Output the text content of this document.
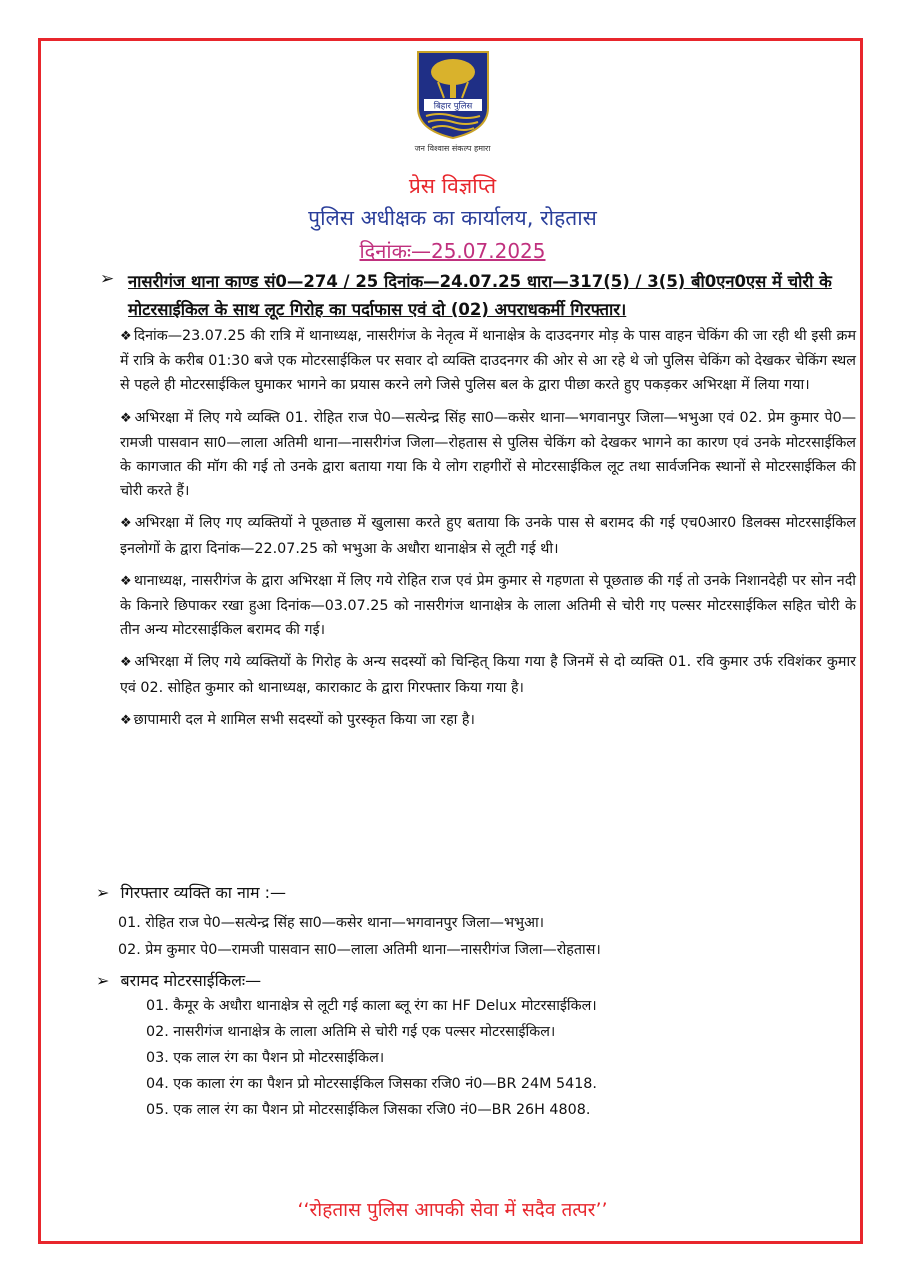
बिहार पुलिस
जन विश्वास संकल्प हमारा
प्रेस विज्ञप्ति
पुलिस अधीक्षक का कार्यालय, रोहतास
दिनांकः—25.07.2025
➢ नासरीगंज थाना काण्ड सं0—274 / 25 दिनांक—24.07.25 धारा—317(5) / 3(5) बी0एन0एस में चोरी के मोटरसाईकिल के साथ लूट गिरोह का पर्दाफास एवं दो (02) अपराधकर्मी गिरफ्तार।

❖ दिनांक—23.07.25 की रात्रि में थानाध्यक्ष, नासरीगंज के नेतृत्व में थानाक्षेत्र के दाउदनगर मोड़ के पास वाहन चेकिंग की जा रही थी इसी क्रम में रात्रि के करीब 01:30 बजे एक मोटरसाईकिल पर सवार दो व्यक्ति दाउदनगर की ओर से आ रहे थे जो पुलिस चेकिंग को देखकर चेकिंग स्थल से पहले ही मोटरसाईकिल घुमाकर भागने का प्रयास करने लगे जिसे पुलिस बल के द्वारा पीछा करते हुए पकड़कर अभिरक्षा में लिया गया।

❖ अभिरक्षा में लिए गये व्यक्ति 01. रोहित राज पे0—सत्येन्द्र सिंह सा0—कसेर थाना—भगवानपुर जिला—भभुआ एवं 02. प्रेम कुमार पे0—रामजी पासवान सा0—लाला अतिमी थाना—नासरीगंज जिला—रोहतास से पुलिस चेकिंग को देखकर भागने का कारण एवं उनके मोटरसाईकिल के कागजात की मॉग की गई तो उनके द्वारा बताया गया कि ये लोग राहगीरों से मोटरसाईकिल लूट तथा सार्वजनिक स्थानों से मोटरसाईकिल की चोरी करते हैं।

❖ अभिरक्षा में लिए गए व्यक्तियों ने पूछताछ में खुलासा करते हुए बताया कि उनके पास से बरामद की गई एच0आर0 डिलक्स मोटरसाईकिल इनलोगों के द्वारा दिनांक—22.07.25 को भभुआ के अधौरा थानाक्षेत्र से लूटी गई थी।

❖ थानाध्यक्ष, नासरीगंज के द्वारा अभिरक्षा में लिए गये रोहित राज एवं प्रेम कुमार से गहणता से पूछताछ की गई तो उनके निशानदेही पर सोन नदी के किनारे छिपाकर रखा हुआ दिनांक—03.07.25 को नासरीगंज थानाक्षेत्र के लाला अतिमी से चोरी गए पल्सर मोटरसाईकिल सहित चोरी के तीन अन्य मोटरसाईकिल बरामद की गई।

❖ अभिरक्षा में लिए गये व्यक्तियों के गिरोह के अन्य सदस्यों को चिन्हित् किया गया है जिनमें से दो व्यक्ति 01. रवि कुमार उर्फ रविशंकर कुमार एवं 02. सोहित कुमार को थानाध्यक्ष, काराकाट के द्वारा गिरफ्तार किया गया है।

❖ छापामारी दल मे शामिल सभी सदस्यों को पुरस्कृत किया जा रहा है।

➢  गिरफ्तार व्यक्ति का नाम :—
01. रोहित राज पे0—सत्येन्द्र सिंह सा0—कसेर थाना—भगवानपुर जिला—भभुआ।
02. प्रेम कुमार पे0—रामजी पासवान सा0—लाला अतिमी थाना—नासरीगंज जिला—रोहतास।
➢  बरामद मोटरसाईकिलः—
01. कैमूर के अधौरा थानाक्षेत्र से लूटी गई काला ब्लू रंग का HF Delux मोटरसाईकिल।
02. नासरीगंज थानाक्षेत्र के लाला अतिमि से चोरी गई एक पल्सर मोटरसाईकिल।
03. एक लाल रंग का पैशन प्रो मोटरसाईकिल।
04. एक काला रंग का पैशन प्रो मोटरसाईकिल जिसका रजि0 नं0—BR 24M 5418.
05. एक लाल रंग का पैशन प्रो मोटरसाईकिल जिसका रजि0 नं0—BR 26H 4808.
‘‘रोहतास पुलिस आपकी सेवा में सदैव तत्पर’’
